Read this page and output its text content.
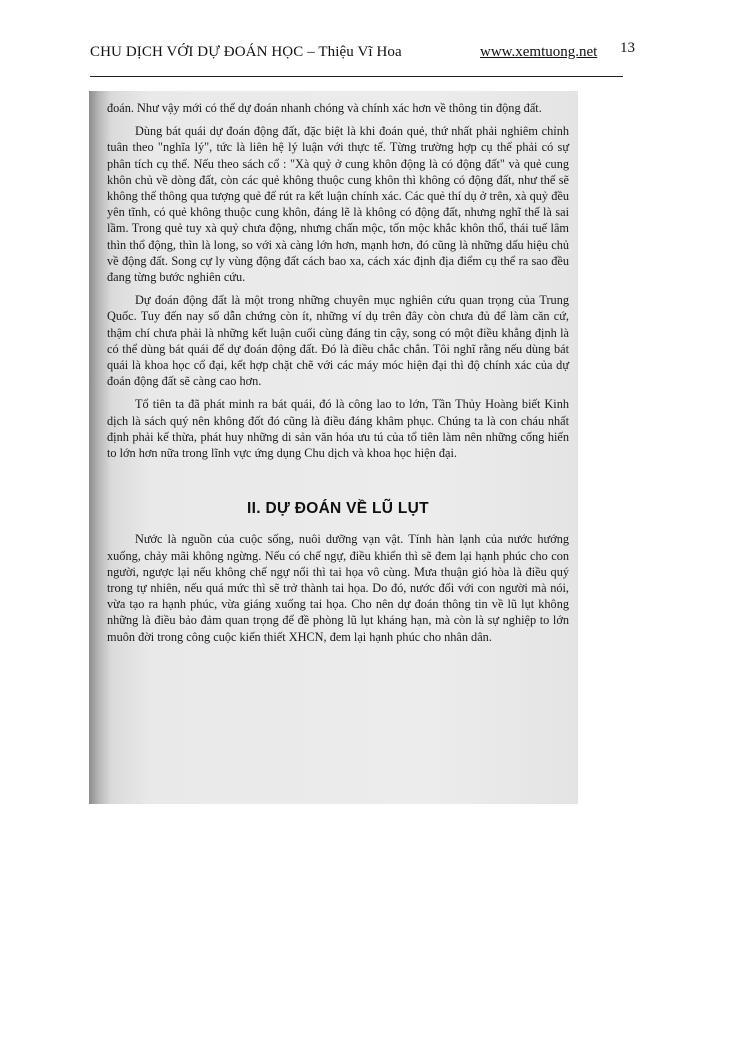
CHU DỊCH VỚI DỰ ĐOÁN HỌC – Thiệu Vĩ Hoa	www.xemtuong.net 13

đoán. Như vậy mới có thể dự đoán nhanh chóng và chính xác hơn về thông tin động đất.

Dùng bát quái dự đoán động đất, đặc biệt là khi đoán quẻ, thứ nhất phải nghiêm chỉnh tuân theo "nghĩa lý", tức là liên hệ lý luận với thực tế. Từng trường hợp cụ thể phải có sự phân tích cụ thể. Nếu theo sách cổ : "Xà quỷ ở cung khôn động là có động đất" và quẻ cung khôn chủ về dòng đất, còn các quẻ không thuộc cung khôn thì không có động đất, như thế sẽ không thể thông qua tượng quẻ để rút ra kết luận chính xác. Các quẻ thí dụ ở trên, xà quỷ đều yên tĩnh, có quẻ không thuộc cung khôn, đáng lẽ là không có động đất, nhưng nghĩ thế là sai lầm. Trong quẻ tuy xà quỷ chưa động, nhưng chấn mộc, tốn mộc khắc khôn thổ, thái tuế lâm thìn thổ động, thìn là long, so với xà càng lớn hơn, mạnh hơn, đó cũng là những dấu hiệu chủ về động đất. Song cự ly vùng động đất cách bao xa, cách xác định địa điểm cụ thể ra sao đều đang từng bước nghiên cứu.

Dự đoán động đất là một trong những chuyên mục nghiên cứu quan trọng của Trung Quốc. Tuy đến nay số dẫn chứng còn ít, những ví dụ trên đây còn chưa đủ để làm căn cứ, thậm chí chưa phải là những kết luận cuối cùng đáng tin cậy, song có một điều khẳng định là có thể dùng bát quái để dự đoán động đất. Đó là điều chắc chắn. Tôi nghĩ rằng nếu dùng bát quái là khoa học cổ đại, kết hợp chặt chẽ với các máy móc hiện đại thì độ chính xác của dự đoán động đất sẽ càng cao hơn.

Tổ tiên ta đã phát minh ra bát quái, đó là công lao to lớn, Tần Thủy Hoàng biết Kinh dịch là sách quý nên không đốt đó cũng là điều đáng khâm phục. Chúng ta là con cháu nhất định phải kế thừa, phát huy những di sản văn hóa ưu tú của tổ tiên làm nên những cống hiến to lớn hơn nữa trong lĩnh vực ứng dụng Chu dịch và khoa học hiện đại.

II. DỰ ĐOÁN VỀ LŨ LỤT

Nước là nguồn của cuộc sống, nuôi dưỡng vạn vật. Tính hàn lạnh của nước hướng xuống, chảy mãi không ngừng. Nếu có chế ngự, điều khiển thì sẽ đem lại hạnh phúc cho con người, ngược lại nếu không chế ngự nổi thì tai họa vô cùng. Mưa thuận gió hòa là điều quý trong tự nhiên, nếu quá mức thì sẽ trở thành tai họa. Do đó, nước đối với con người mà nói, vừa tạo ra hạnh phúc, vừa giáng xuống tai họa. Cho nên dự đoán thông tin về lũ lụt không những là điều bảo đảm quan trọng để đề phòng lũ lụt kháng hạn, mà còn là sự nghiệp to lớn muôn đời trong công cuộc kiến thiết XHCN, đem lại hạnh phúc cho nhân dân.
